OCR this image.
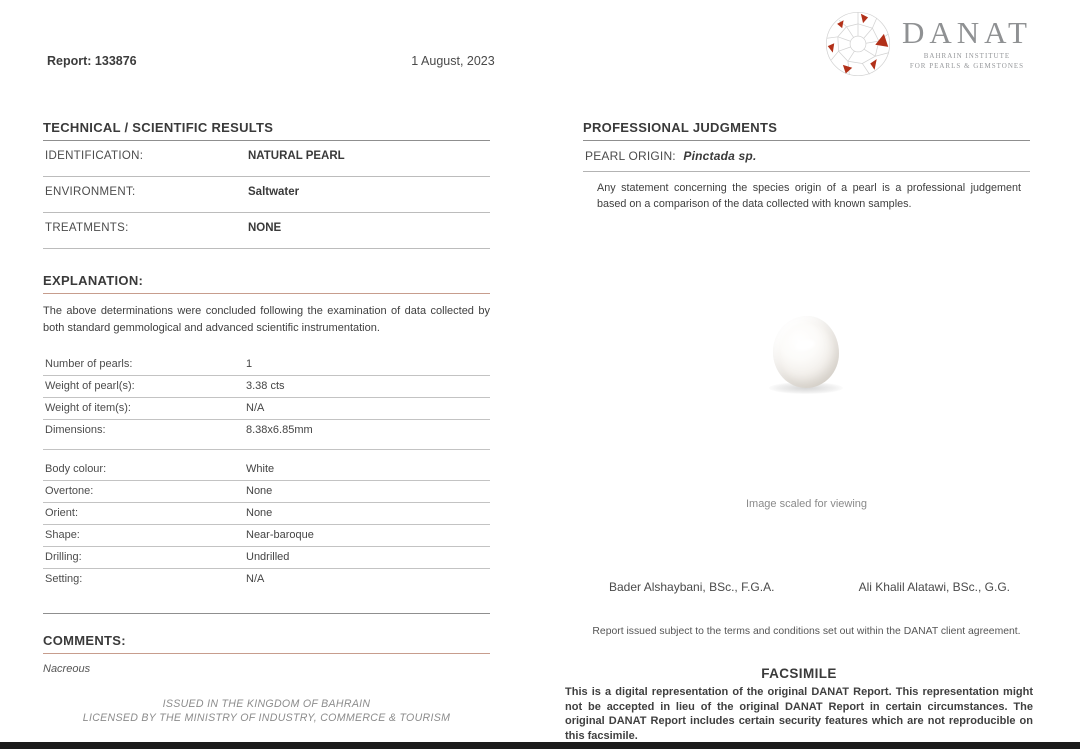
Report: 133876	1 August, 2023
DANAT
BAHRAIN INSTITUTE
FOR PEARLS & GEMSTONES
TECHNICAL / SCIENTIFIC RESULTS
IDENTIFICATION:	NATURAL PEARL
ENVIRONMENT:	Saltwater
TREATMENTS:	NONE
EXPLANATION:
The above determinations were concluded following the examination of data collected by both standard gemmological and advanced scientific instrumentation.
Number of pearls:	1
Weight of pearl(s):	3.38 cts
Weight of item(s):	N/A
Dimensions:	8.38x6.85mm
Body colour:	White
Overtone:	None
Orient:	None
Shape:	Near-baroque
Drilling:	Undrilled
Setting:	N/A
COMMENTS:
Nacreous
PROFESSIONAL JUDGMENTS
PEARL ORIGIN: Pinctada sp.
Any statement concerning the species origin of a pearl is a professional judgement based on a comparison of the data collected with known samples.
Image scaled for viewing
Bader Alshaybani, BSc., F.G.A.	Ali Khalil Alatawi, BSc., G.G.
Report issued subject to the terms and conditions set out within the DANAT client agreement.
FACSIMILE
This is a digital representation of the original DANAT Report. This representation might not be accepted in lieu of the original DANAT Report in certain circumstances. The original DANAT Report includes certain security features which are not reproducible on this facsimile.
ISSUED IN THE KINGDOM OF BAHRAIN
LICENSED BY THE MINISTRY OF INDUSTRY, COMMERCE & TOURISM
